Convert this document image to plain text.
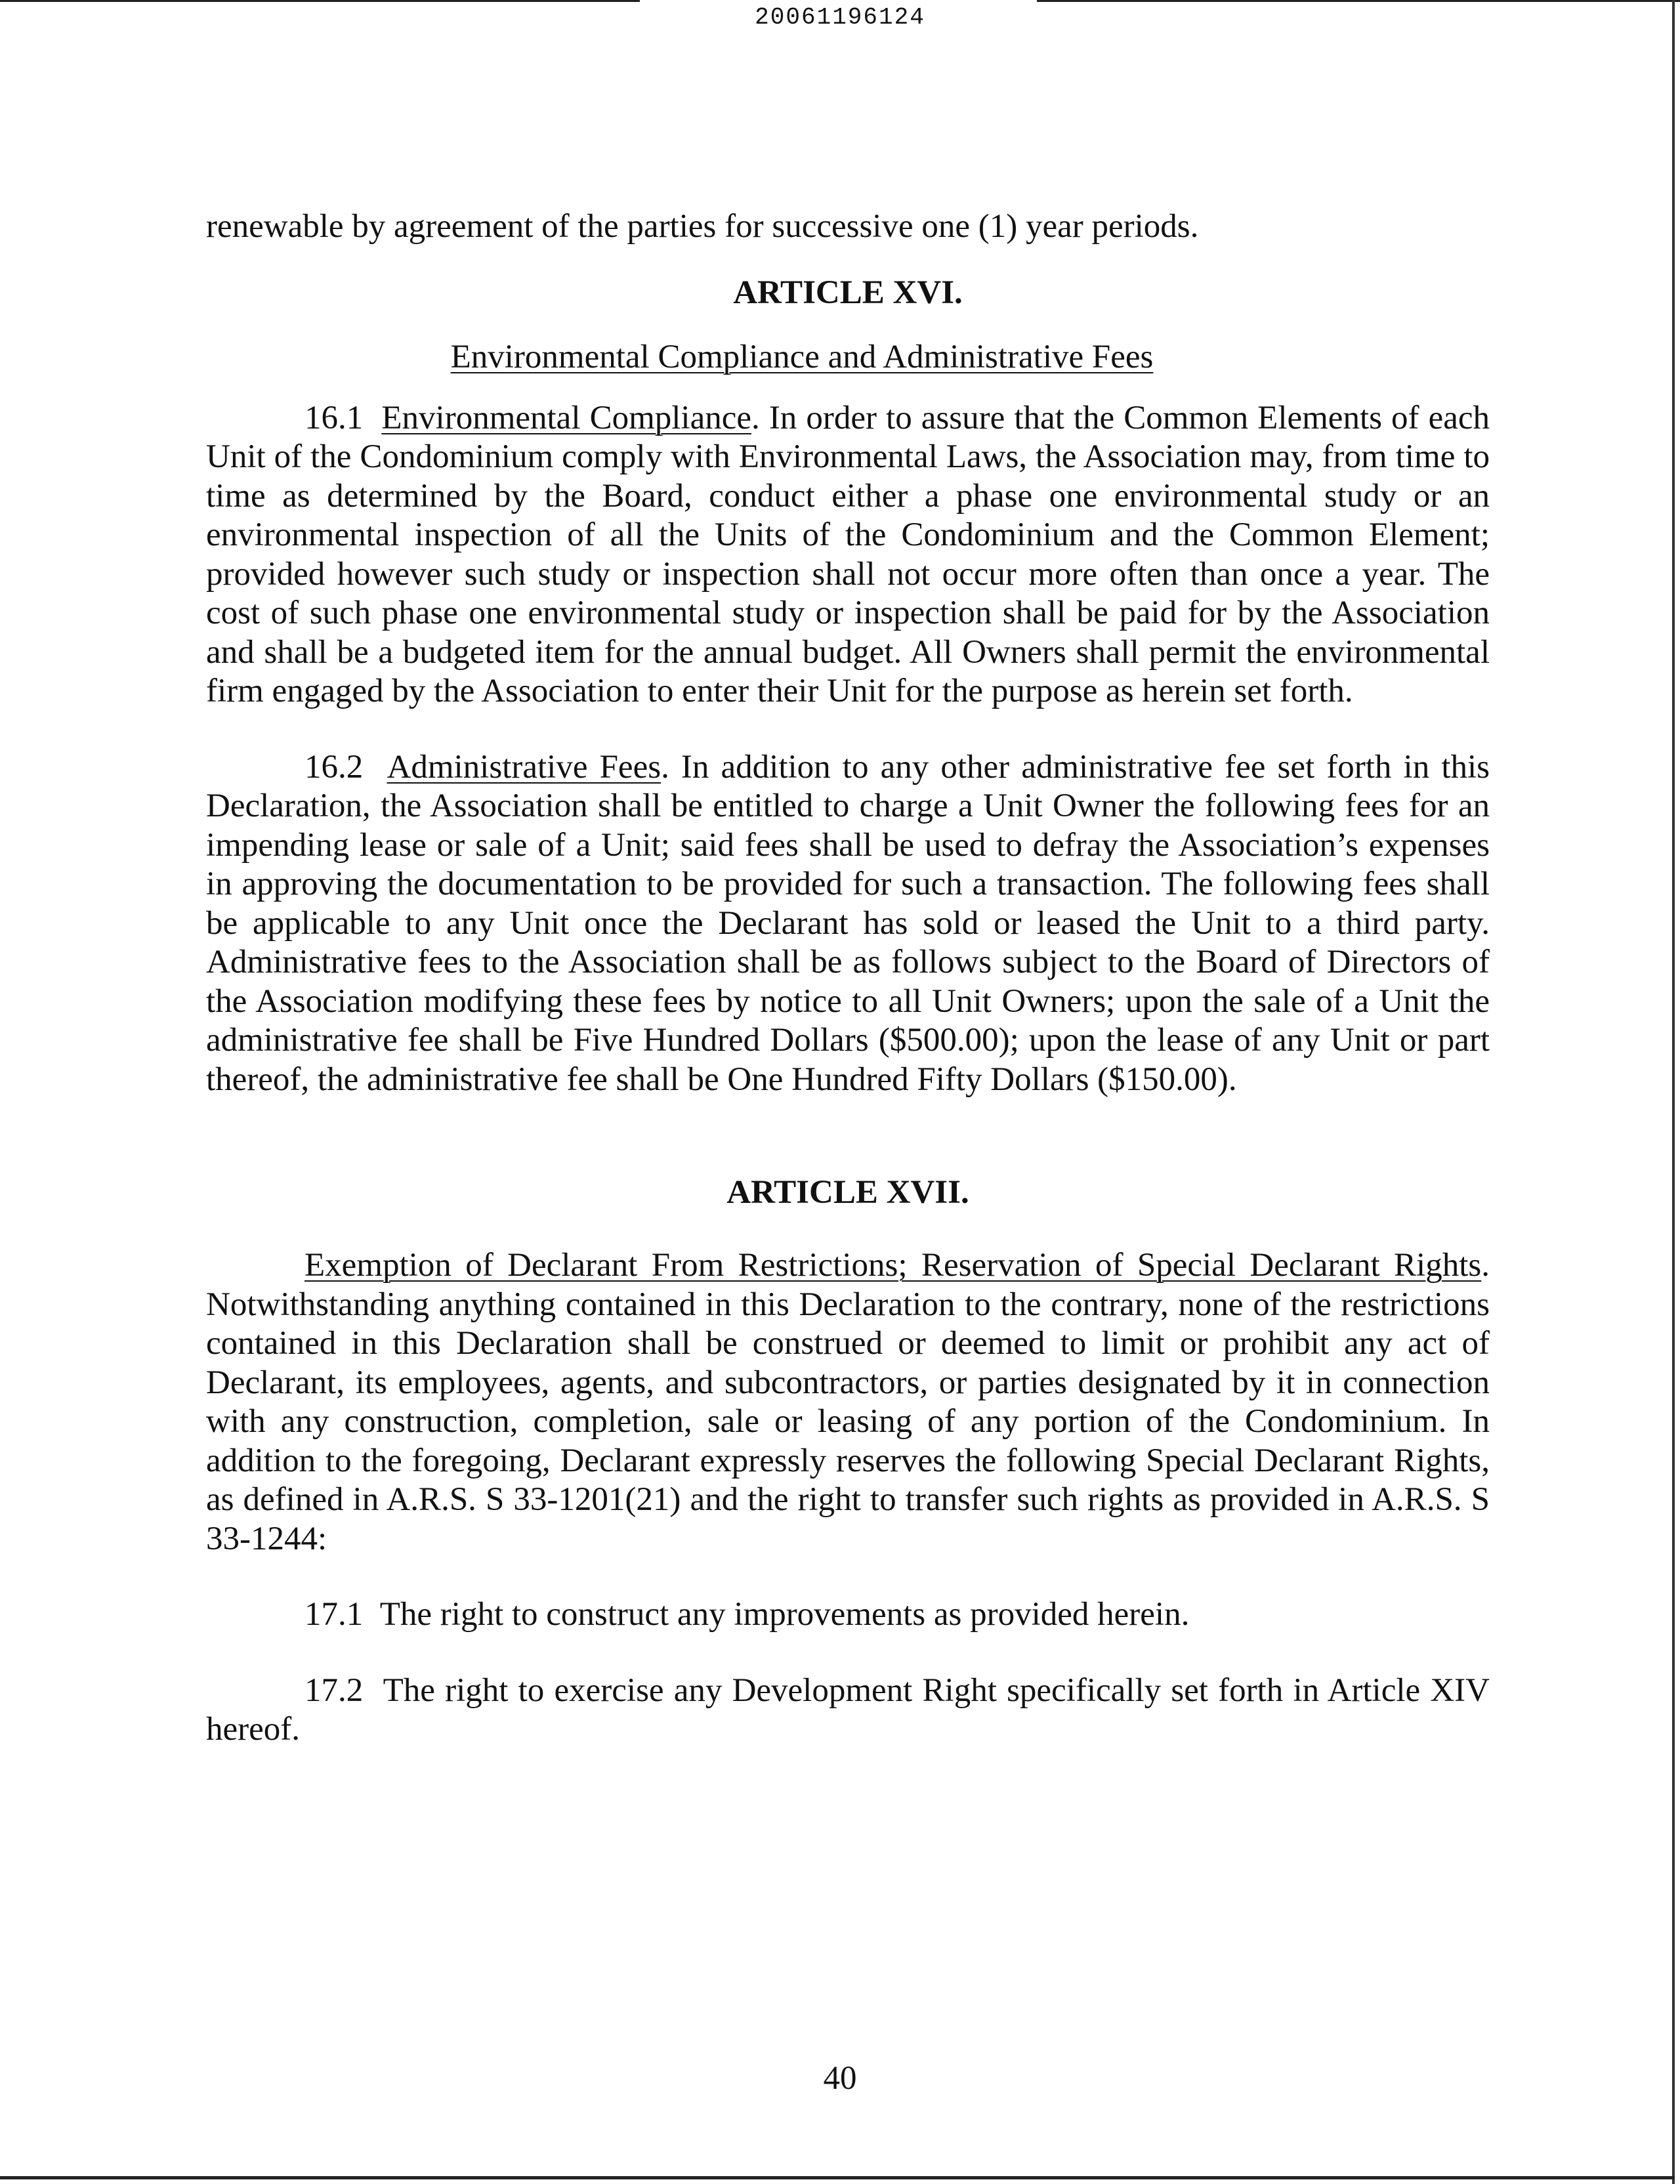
20061196124

renewable by agreement of the parties for successive one (1) year periods.

ARTICLE XVI.

Environmental Compliance and Administrative Fees

16.1 Environmental Compliance. In order to assure that the Common Elements of each Unit of the Condominium comply with Environmental Laws, the Association may, from time to time as determined by the Board, conduct either a phase one environmental study or an environmental inspection of all the Units of the Condominium and the Common Element; provided however such study or inspection shall not occur more often than once a year. The cost of such phase one environmental study or inspection shall be paid for by the Association and shall be a budgeted item for the annual budget. All Owners shall permit the environmental firm engaged by the Association to enter their Unit for the purpose as herein set forth.

16.2 Administrative Fees. In addition to any other administrative fee set forth in this Declaration, the Association shall be entitled to charge a Unit Owner the following fees for an impending lease or sale of a Unit; said fees shall be used to defray the Association’s expenses in approving the documentation to be provided for such a transaction. The following fees shall be applicable to any Unit once the Declarant has sold or leased the Unit to a third party. Administrative fees to the Association shall be as follows subject to the Board of Directors of the Association modifying these fees by notice to all Unit Owners; upon the sale of a Unit the administrative fee shall be Five Hundred Dollars ($500.00); upon the lease of any Unit or part thereof, the administrative fee shall be One Hundred Fifty Dollars ($150.00).

ARTICLE XVII.

Exemption of Declarant From Restrictions; Reservation of Special Declarant Rights. Notwithstanding anything contained in this Declaration to the contrary, none of the restrictions contained in this Declaration shall be construed or deemed to limit or prohibit any act of Declarant, its employees, agents, and subcontractors, or parties designated by it in connection with any construction, completion, sale or leasing of any portion of the Condominium. In addition to the foregoing, Declarant expressly reserves the following Special Declarant Rights, as defined in A.R.S. S 33-1201(21) and the right to transfer such rights as provided in A.R.S. S 33-1244:

17.1 The right to construct any improvements as provided herein.

17.2 The right to exercise any Development Right specifically set forth in Article XIV hereof.

40
